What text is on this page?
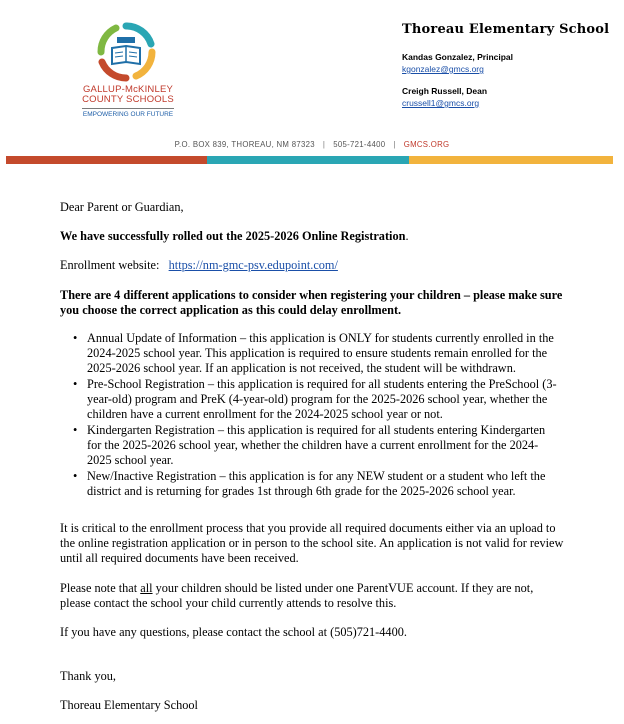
GALLUP-McKINLEY
COUNTY SCHOOLS
EMPOWERING OUR FUTURE
Thoreau Elementary School
Kandas Gonzalez, Principal
kgonzalez@gmcs.org
Creigh Russell, Dean
crussell1@gmcs.org
P.O. BOX 839, THOREAU, NM 87323 | 505-721-4400 | GMCS.ORG
Dear Parent or Guardian,
We have successfully rolled out the 2025-2026 Online Registration.
Enrollment website: https://nm-gmc-psv.edupoint.com/
There are 4 different applications to consider when registering your children – please make sure you choose the correct application as this could delay enrollment.
• Annual Update of Information – this application is ONLY for students currently enrolled in the 2024-2025 school year. This application is required to ensure students remain enrolled for the 2025-2026 school year. If an application is not received, the student will be withdrawn.
• Pre-School Registration – this application is required for all students entering the PreSchool (3-year-old) program and PreK (4-year-old) program for the 2025-2026 school year, whether the children have a current enrollment for the 2024-2025 school year or not.
• Kindergarten Registration – this application is required for all students entering Kindergarten for the 2025-2026 school year, whether the children have a current enrollment for the 2024-2025 school year.
• New/Inactive Registration – this application is for any NEW student or a student who left the district and is returning for grades 1st through 6th grade for the 2025-2026 school year.
It is critical to the enrollment process that you provide all required documents either via an upload to the online registration application or in person to the school site. An application is not valid for review until all required documents have been received.
Please note that all your children should be listed under one ParentVUE account. If they are not, please contact the school your child currently attends to resolve this.
If you have any questions, please contact the school at (505)721-4400.
Thank you,
Thoreau Elementary School
